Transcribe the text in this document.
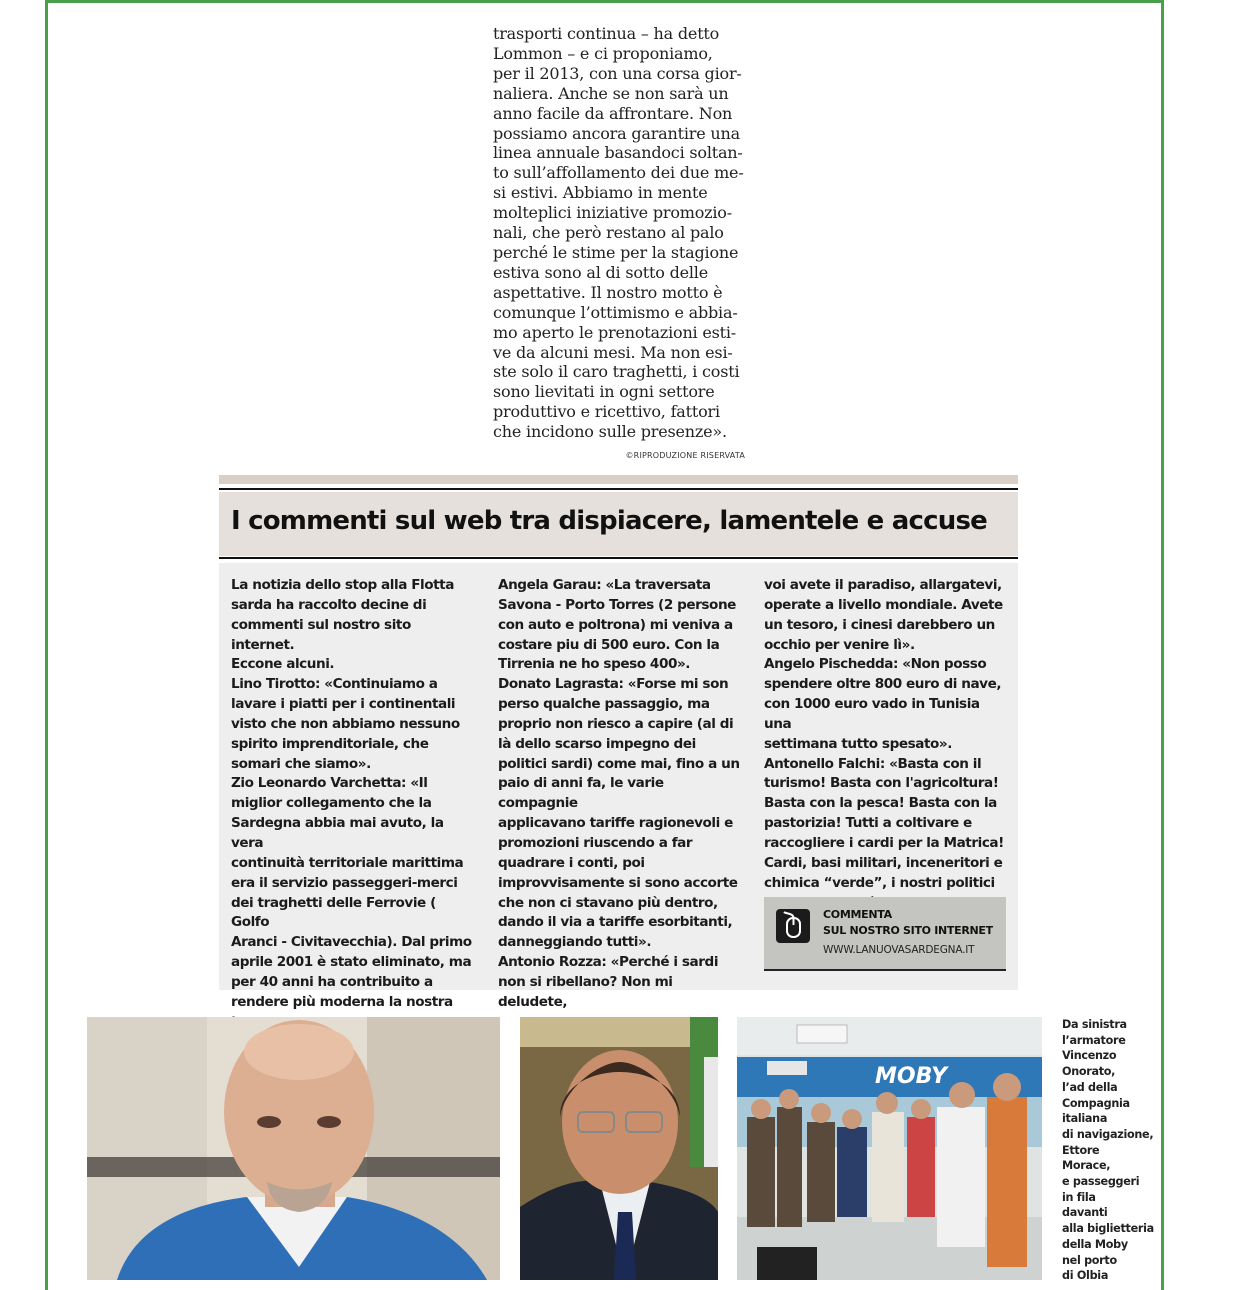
trasporti continua – ha detto

Lommon – e ci proponiamo,

per il 2013, con una corsa gior-

naliera. Anche se non sarà un

anno facile da affrontare. Non

possiamo ancora garantire una

linea annuale basandoci soltan-

to sull’affollamento dei due me-

si estivi. Abbiamo in mente

molteplici iniziative promozio-

nali, che però restano al palo

perché le stime per la stagione

estiva sono al di sotto delle

aspettative. Il nostro motto è

comunque l’ottimismo e abbia-

mo aperto le prenotazioni esti-

ve da alcuni mesi. Ma non esi-

ste solo il caro traghetti, i costi

sono lievitati in ogni settore

produttivo e ricettivo, fattori

che incidono sulle presenze».

©RIPRODUZIONE RISERVATA
I commenti sul web tra dispiacere, lamentele e accuse

La notizia dello stop alla Flotta

sarda ha raccolto decine di

commenti sul nostro sito internet.

Eccone alcuni.

Lino Tirotto: «Continuiamo a

lavare i piatti per i continentali

visto che non abbiamo nessuno

spirito imprenditoriale, che

somari che siamo».

Zio Leonardo Varchetta: «Il

miglior collegamento che la

Sardegna abbia mai avuto, la vera

continuità territoriale marittima

era il servizio passeggeri-merci

dei traghetti delle Ferrovie ( Golfo

Aranci - Civitavecchia). Dal primo

aprile 2001 è stato eliminato, ma

per 40 anni ha contribuito a

rendere più moderna la nostra

Angela Garau: «La traversata

Savona - Porto Torres (2 persone

con auto e poltrona) mi veniva a

costare piu di 500 euro. Con la

Tirrenia ne ho speso 400».

Donato Lagrasta: «Forse mi son

perso qualche passaggio, ma

proprio non riesco a capire (al di

là dello scarso impegno dei

politici sardi) come mai, fino a un

paio di anni fa, le varie compagnie

applicavano tariffe ragionevoli e

promozioni riuscendo a far

quadrare i conti, poi

improvvisamente si sono accorte

che non ci stavano più dentro,

dando il via a tariffe esorbitanti,

danneggiando tutti».

Antonio Rozza: «Perché i sardi

non si ribellano? Non mi deludete,

voi avete il paradiso, allargatevi,

operate a livello mondiale. Avete

un tesoro, i cinesi darebbero un

occhio per venire lì».

Angelo Pischedda: «Non posso

spendere oltre 800 euro di nave,

con 1000 euro vado in Tunisia una

settimana tutto spesato».

Antonello Falchi: «Basta con il

turismo! Basta con l'agricoltura!

Basta con la pesca! Basta con la

pastorizia! Tutti a coltivare e

raccogliere i cardi per la Matrica!

Cardi, basi militari, inceneritori e

chimica “verde”, i nostri politici

COMMENTA
SUL NOSTRO SITO INTERNET
WWW.LANUOVASARDEGNA.IT
MOBY

Da sinistra

l’armatore

Vincenzo

Onorato,

l’ad della

Compagnia

italiana

di navigazione,

Ettore

Morace,

e passeggeri

in fila

davanti

alla biglietteria

della Moby

nel porto

di Olbia
